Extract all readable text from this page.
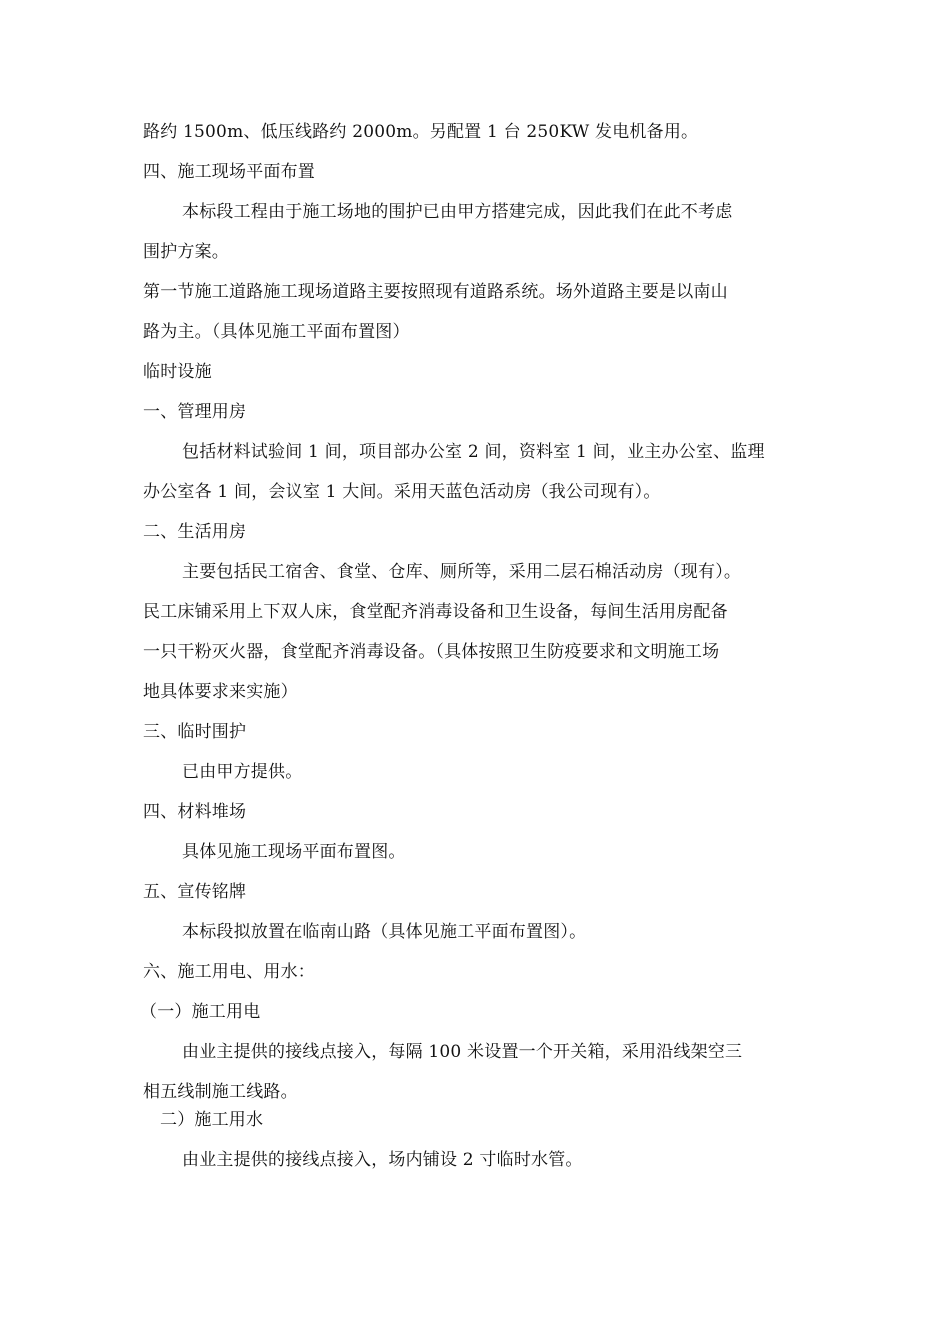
路约 1500m、低压线路约 2000m。另配置 1 台 250KW 发电机备用。
四、施工现场平面布置
本标段工程由于施工场地的围护已由甲方搭建完成，因此我们在此不考虑
围护方案。
第一节施工道路施工现场道路主要按照现有道路系统。场外道路主要是以南山
路为主。（具体见施工平面布置图）
临时设施
一、管理用房
包括材料试验间 1 间，项目部办公室 2 间，资料室 1 间，业主办公室、监理
办公室各 1 间，会议室 1 大间。采用天蓝色活动房（我公司现有）。
二、生活用房
主要包括民工宿舍、食堂、仓库、厕所等，采用二层石棉活动房（现有）。
民工床铺采用上下双人床，食堂配齐消毒设备和卫生设备，每间生活用房配备
一只干粉灭火器，食堂配齐消毒设备。（具体按照卫生防疫要求和文明施工场
地具体要求来实施）
三、临时围护
已由甲方提供。
四、材料堆场
具体见施工现场平面布置图。
五、宣传铭牌
本标段拟放置在临南山路（具体见施工平面布置图）。
六、施工用电、用水：
（一）施工用电
由业主提供的接线点接入，每隔 100 米设置一个开关箱，采用沿线架空三
相五线制施工线路。
二）施工用水
由业主提供的接线点接入，场内铺设 2 寸临时水管。
